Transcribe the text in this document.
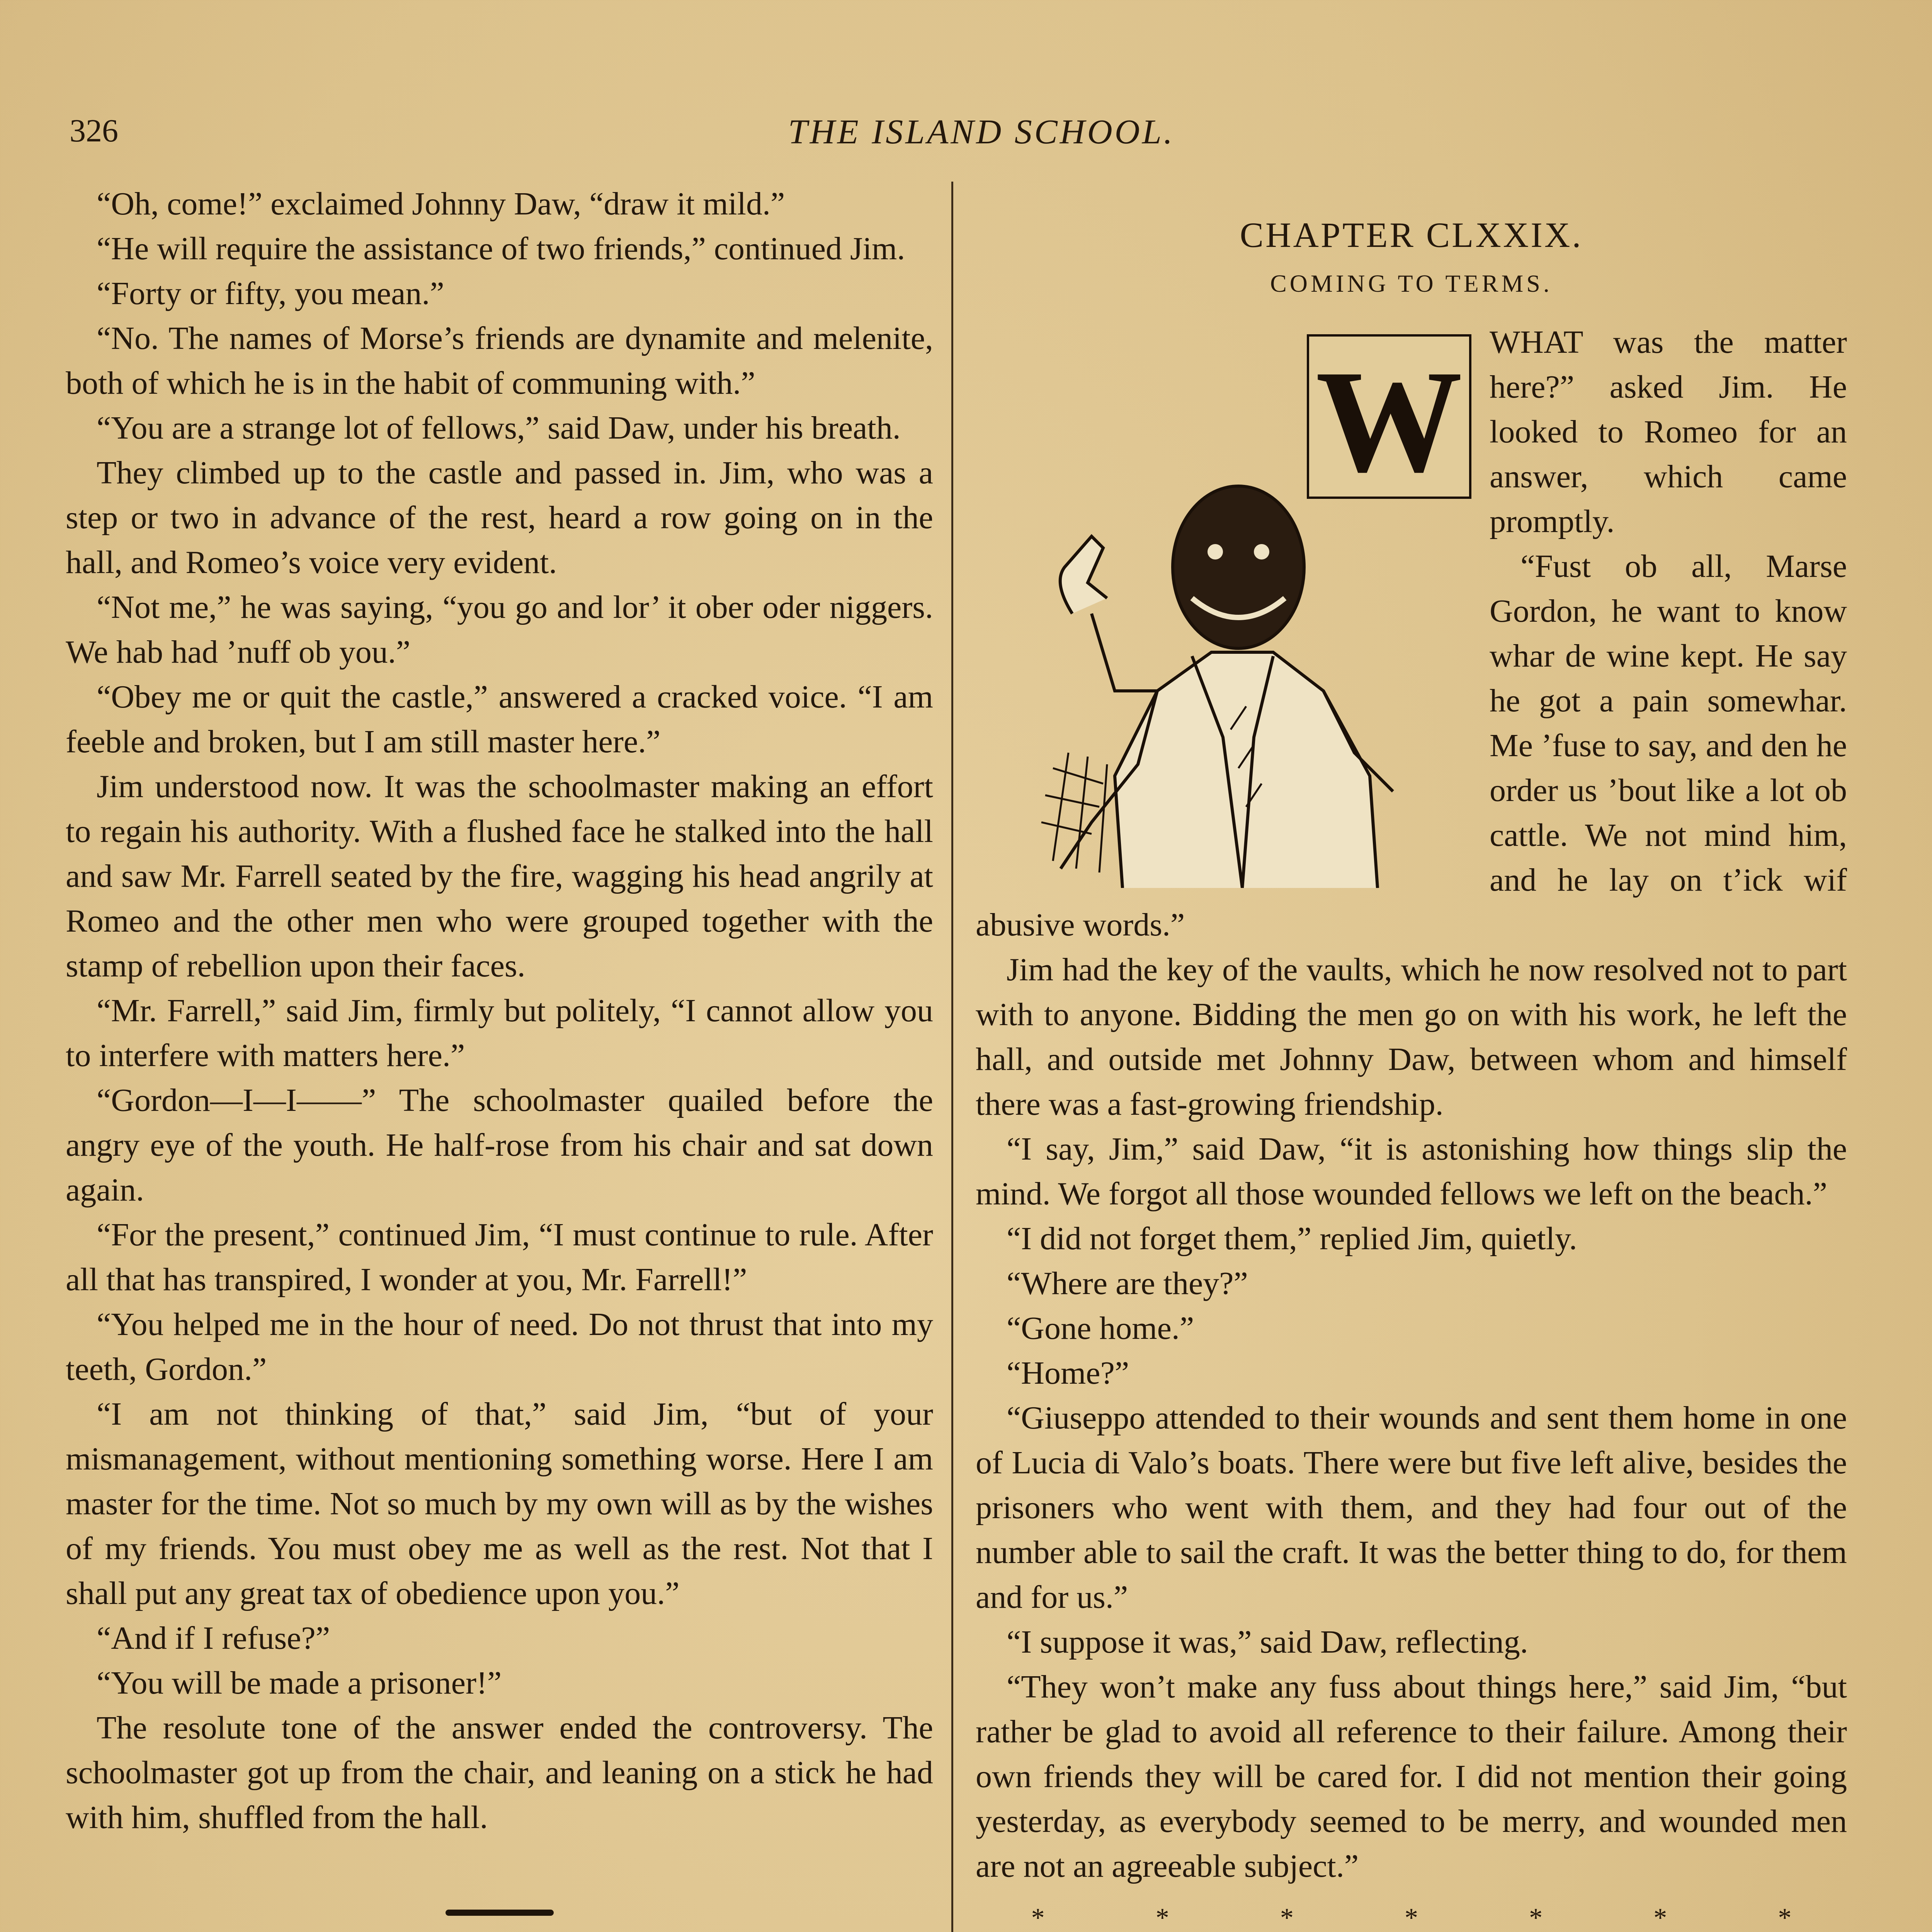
326	THE ISLAND SCHOOL.

“Oh, come!” exclaimed Johnny Daw, “draw it mild.”

“He will require the assistance of two friends,” continued Jim.

“Forty or fifty, you mean.”

“No. The names of Morse’s friends are dynamite and melenite, both of which he is in the habit of communing with.”

“You are a strange lot of fellows,” said Daw, under his breath.

They climbed up to the castle and passed in. Jim, who was a step or two in advance of the rest, heard a row going on in the hall, and Romeo’s voice very evident.

“Not me,” he was saying, “you go and lor’ it ober oder niggers. We hab had ’nuff ob you.”

“Obey me or quit the castle,” answered a cracked voice. “I am feeble and broken, but I am still master here.”

Jim understood now. It was the schoolmaster making an effort to regain his authority. With a flushed face he stalked into the hall and saw Mr. Farrell seated by the fire, wagging his head angrily at Romeo and the other men who were grouped together with the stamp of rebellion upon their faces.

“Mr. Farrell,” said Jim, firmly but politely, “I cannot allow you to interfere with matters here.”

“Gordon—I—I——” The schoolmaster quailed before the angry eye of the youth. He half-rose from his chair and sat down again.

“For the present,” continued Jim, “I must continue to rule. After all that has transpired, I wonder at you, Mr. Farrell!”

“You helped me in the hour of need. Do not thrust that into my teeth, Gordon.”

“I am not thinking of that,” said Jim, “but of your mismanagement, without mentioning something worse. Here I am master for the time. Not so much by my own will as by the wishes of my friends. You must obey me as well as the rest. Not that I shall put any great tax of obedience upon you.”

“And if I refuse?”

“You will be made a prisoner!”

The resolute tone of the answer ended the controversy. The schoolmaster got up from the chair, and leaning on a stick he had with him, shuffled from the hall.

CHAPTER CLXXIX.
COMING TO TERMS.
W WHAT was the matter here?” asked Jim. He looked to Romeo for an answer, which came promptly.

“Fust ob all, Marse Gordon, he want to know whar de wine kept. He say he got a pain somewhar. Me ’fuse to say, and den he order us ’bout like a lot ob cattle. We not mind him, and he lay on t’ick wif abusive words.”

Jim had the key of the vaults, which he now resolved not to part with to anyone. Bidding the men go on with his work, he left the hall, and outside met Johnny Daw, between whom and himself there was a fast-growing friendship.

“I say, Jim,” said Daw, “it is astonishing how things slip the mind. We forgot all those wounded fellows we left on the beach.”

“I did not forget them,” replied Jim, quietly.

“Where are they?”

“Gone home.”

“Home?”

“Giuseppo attended to their wounds and sent them home in one of Lucia di Valo’s boats. There were but five left alive, besides the prisoners who went with them, and they had four out of the number able to sail the craft. It was the better thing to do, for them and for us.”

“I suppose it was,” said Daw, reflecting.

“They won’t make any fuss about things here,” said Jim, “but rather be glad to avoid all reference to their failure. Among their own friends they will be cared for. I did not mention their going yesterday, as everybody seemed to be merry, and wounded men are not an agreeable subject.”

*	*	*	*	*	*	*
